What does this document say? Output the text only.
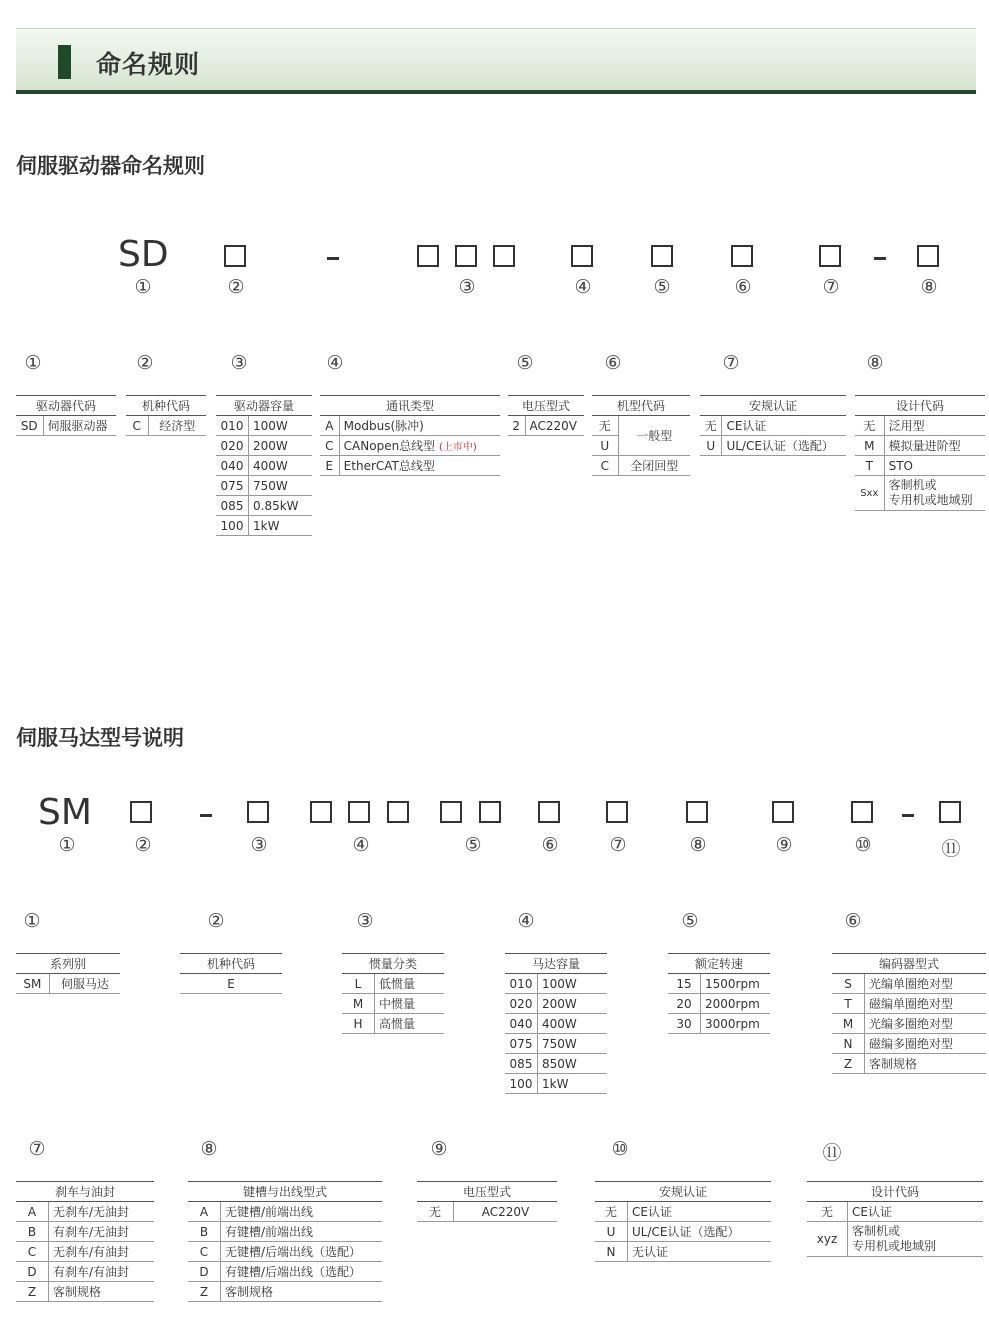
命名规则
伺服驱动器命名规则
SD
①	②	③	④	⑤	⑥	⑦	⑧
①	②	③	④	⑤	⑥	⑦	⑧
驱动器代码
SD	伺服驱动器
机种代码
C	经济型
驱动器容量	
010	100W
020	200W
040	400W
075	750W
085	0.85kW
100	1kW
通讯类型	
A	Modbus(脉冲)
C	CANopen总线型 (上市中)
E	EtherCAT总线型
电压型式
2	AC220V
机型代码	
无	一般型
U	
C	全闭回型
安规认证	
无	CE认证
U	UL/CE认证（选配）
设计代码	
无	泛用型
M	模拟量进阶型
T	STO
Sxx	客制机或
专用机或地域别
伺服马达型号说明
SM
①	②	③	④	⑤	⑥	⑦	⑧	⑨	⑩	⑪
①	②	③	④	⑤	⑥
⑦	⑧	⑨	⑩	⑪
系列别
SM	伺服马达
机种代码
E
惯量分类	
L	低惯量
M	中惯量
H	高惯量
马达容量	
010	100W
020	200W
040	400W
075	750W
085	850W
100	1kW
额定转速	
15	1500rpm
20	2000rpm
30	3000rpm
编码器型式	
S	光编单圈绝对型
T	磁编单圈绝对型
M	光编多圈绝对型
N	磁编多圈绝对型
Z	客制规格
刹车与油封	
A	无刹车/无油封
B	有刹车/无油封
C	无刹车/有油封
D	有刹车/有油封
Z	客制规格
键槽与出线型式	
A	无键槽/前端出线
B	有键槽/前端出线
C	无键槽/后端出线（选配）
D	有键槽/后端出线（选配）
Z	客制规格
电压型式
无	AC220V
安规认证	
无	CE认证
U	UL/CE认证（选配）
N	无认证
设计代码	
无	CE认证
xyz	客制机或
专用机或地域别
